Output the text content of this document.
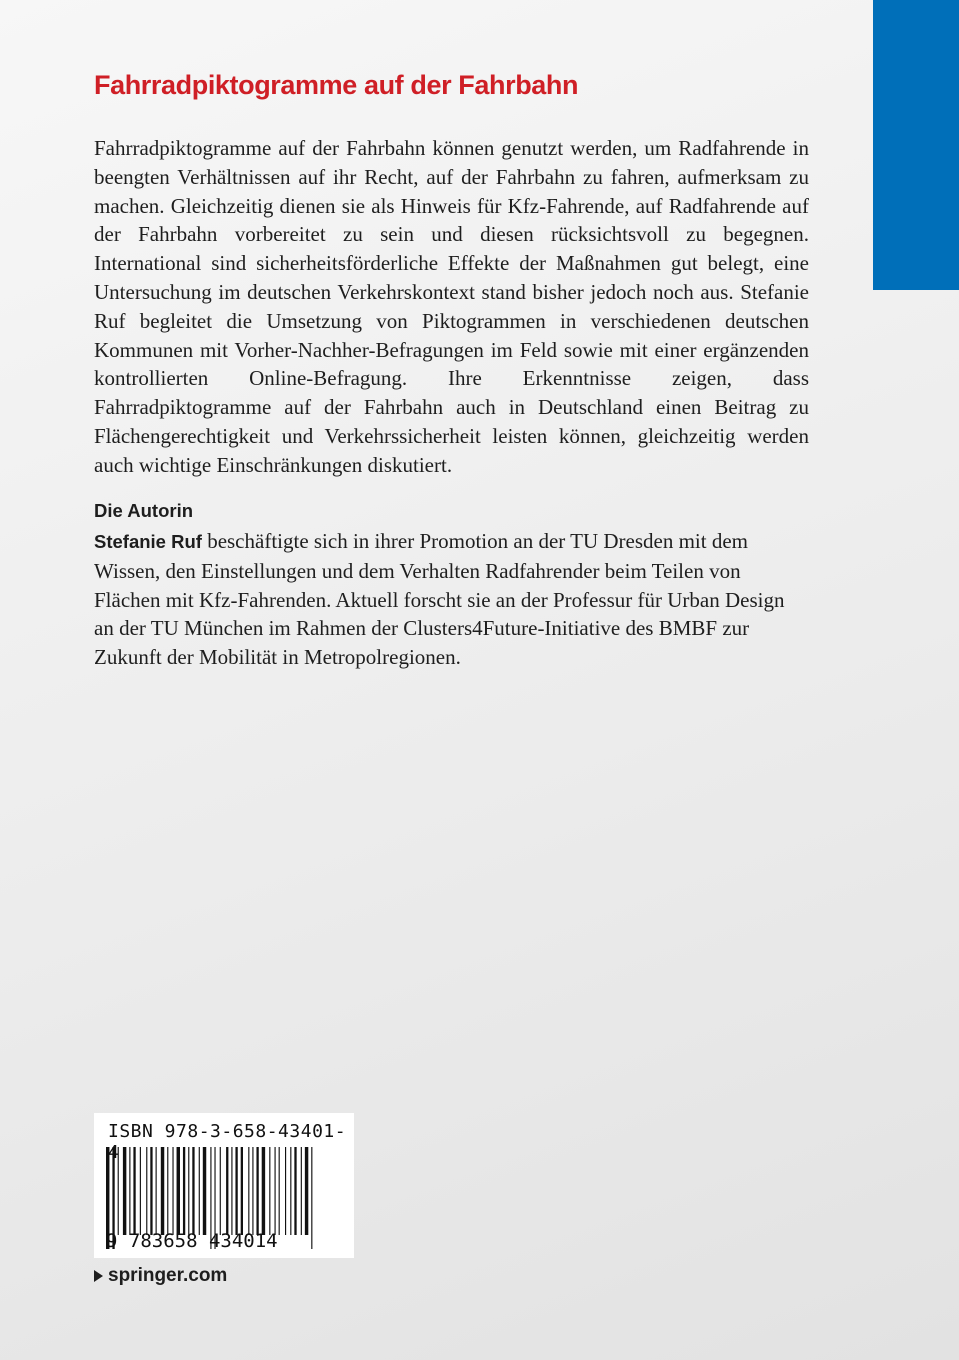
Fahrradpiktogramme auf der Fahrbahn

Fahrradpiktogramme auf der Fahrbahn können genutzt werden, um Radfahrende in beengten Verhältnissen auf ihr Recht, auf der Fahrbahn zu fahren, aufmerksam zu machen. Gleichzeitig dienen sie als Hinweis für Kfz-Fahrende, auf Radfahrende auf der Fahrbahn vorbereitet zu sein und diesen rücksichtsvoll zu begegnen. International sind sicherheitsförderliche Effekte der Maßnahmen gut belegt, eine Untersuchung im deutschen Verkehrskontext stand bisher jedoch noch aus. Stefanie Ruf begleitet die Umsetzung von Piktogrammen in verschiedenen deutschen Kommunen mit Vorher-Nachher-Befragungen im Feld sowie mit einer ergänzenden kontrollierten Online-Befragung. Ihre Erkenntnisse zeigen, dass Fahrradpiktogramme auf der Fahrbahn auch in Deutschland einen Beitrag zu Flächengerechtigkeit und Verkehrssicherheit leisten können, gleichzeitig werden auch wichtige Einschränkungen diskutiert.

Die Autorin

Stefanie Ruf beschäftigte sich in ihrer Promotion an der TU Dresden mit dem Wissen, den Einstellungen und dem Verhalten Radfahrender beim Teilen von Flächen mit Kfz-Fahrenden. Aktuell forscht sie an der Professur für Urban Design an der TU München im Rahmen der Clusters4Future-Initiative des BMBF zur Zukunft der Mobilität in Metropolregionen.

ISBN 978-3-658-43401-4
9 783658 434014
springer.com
